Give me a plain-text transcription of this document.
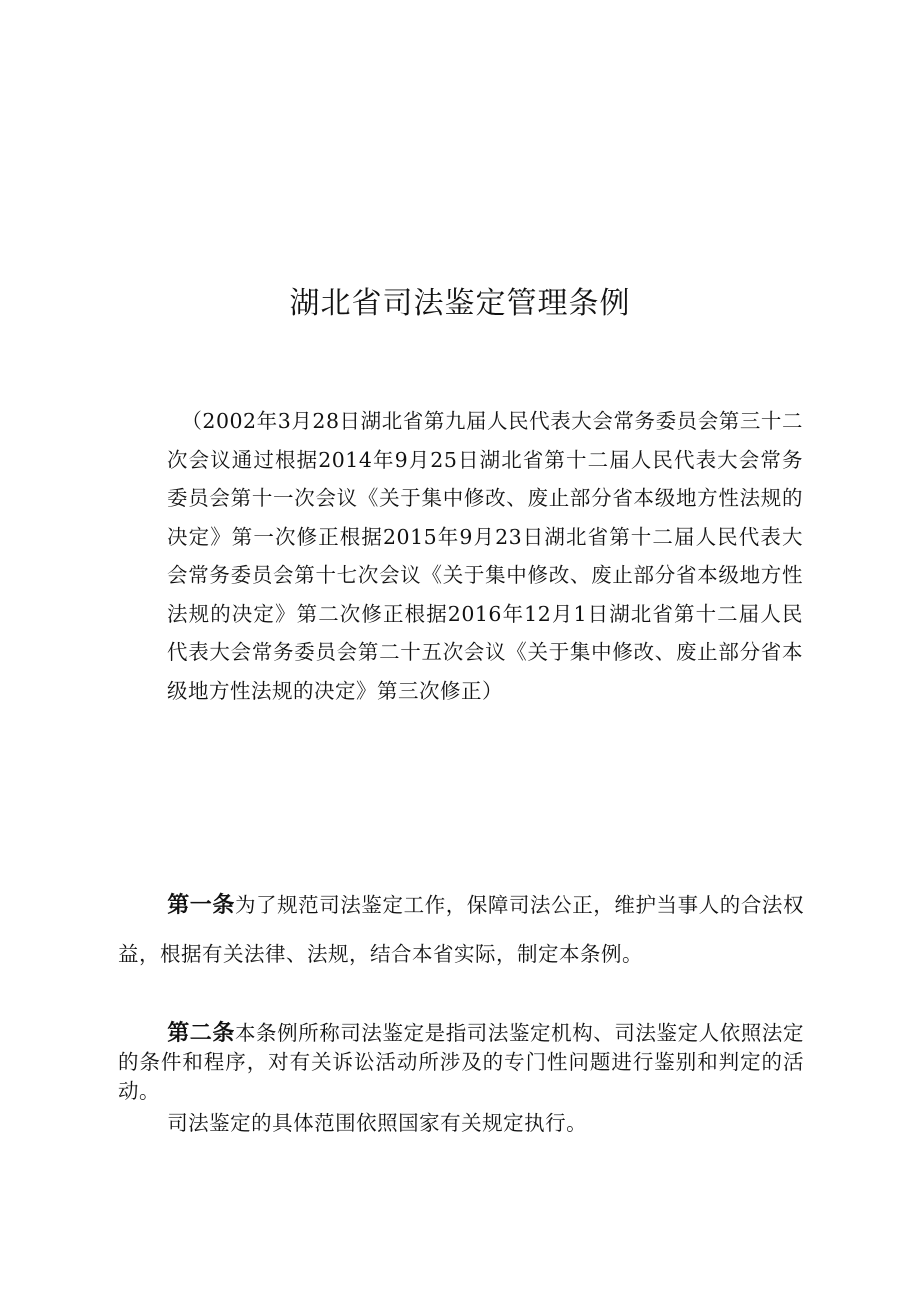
湖北省司法鉴定管理条例

（2002年3月28日湖北省第九届人民代表大会常务委员会第三十二次会议通过根据2014年9月25日湖北省第十二届人民代表大会常务委员会第十一次会议《关于集中修改、废止部分省本级地方性法规的决定》第一次修正根据2015年9月23日湖北省第十二届人民代表大会常务委员会第十七次会议《关于集中修改、废止部分省本级地方性法规的决定》第二次修正根据2016年12月1日湖北省第十二届人民代表大会常务委员会第二十五次会议《关于集中修改、废止部分省本级地方性法规的决定》第三次修正）

第一条为了规范司法鉴定工作，保障司法公正，维护当事人的合法权益，根据有关法律、法规，结合本省实际，制定本条例。

第二条本条例所称司法鉴定是指司法鉴定机构、司法鉴定人依照法定的条件和程序，对有关诉讼活动所涉及的专门性问题进行鉴别和判定的活动。

司法鉴定的具体范围依照国家有关规定执行。
